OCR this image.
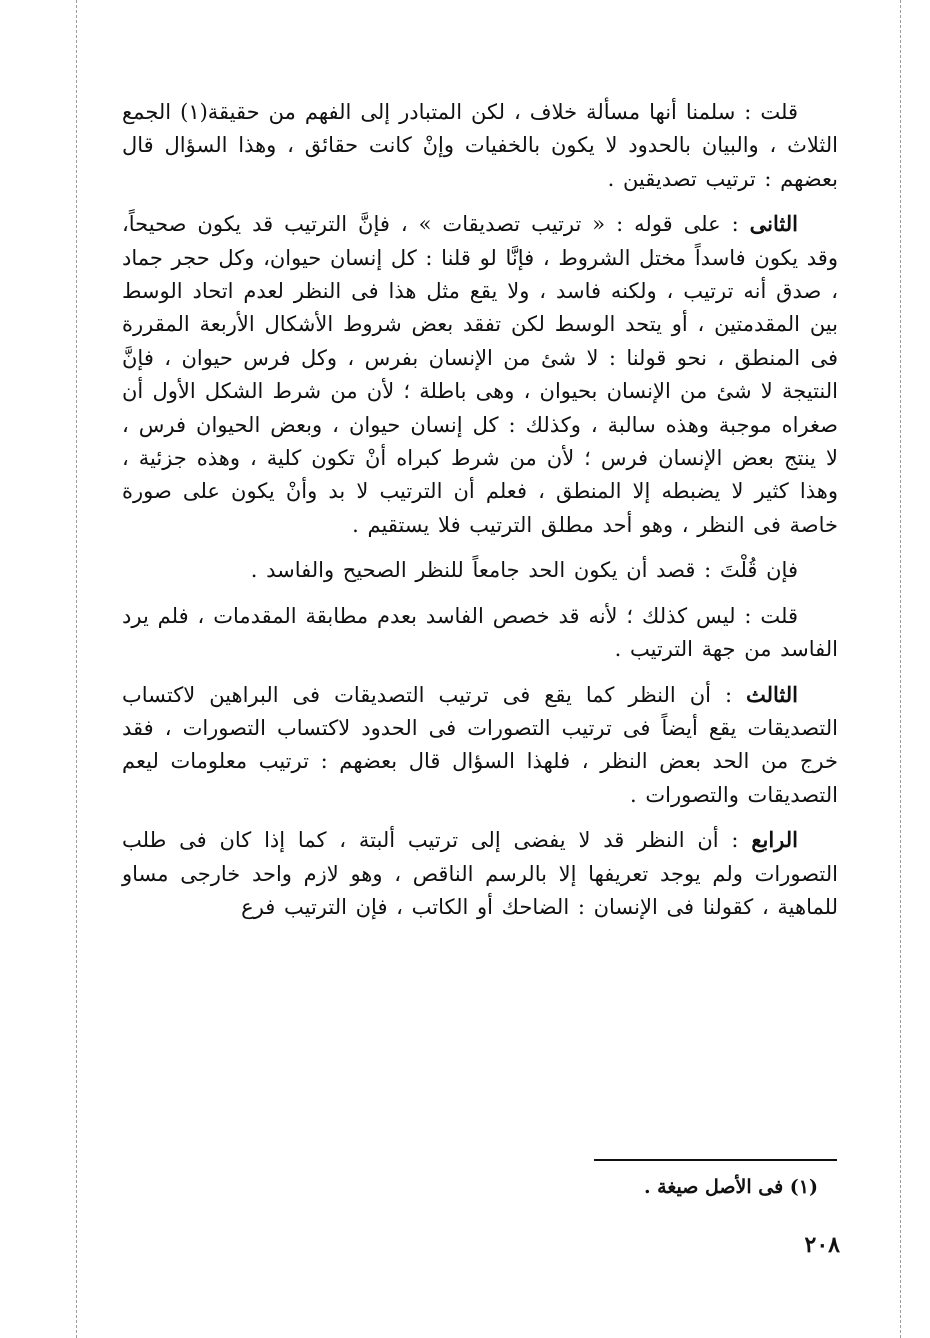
قلت : سلمنا أنها مسألة خلاف ، لكن المتبادر إلى الفهم من حقيقة(١) الجمع الثلاث ، والبيان بالحدود لا يكون بالخفيات وإنْ كانت حقائق ، وهذا السؤال قال بعضهم : ترتيب تصديقين .

الثانى : على قوله : « ترتيب تصديقات » ، فإنَّ الترتيب قد يكون صحيحاً، وقد يكون فاسداً مختل الشروط ، فإنَّا لو قلنا : كل إنسان حيوان، وكل حجر جماد ، صدق أنه ترتيب ، ولكنه فاسد ، ولا يقع مثل هذا فى النظر لعدم اتحاد الوسط بين المقدمتين ، أو يتحد الوسط لكن تفقد بعض شروط الأشكال الأربعة المقررة فى المنطق ، نحو قولنا : لا شئ من الإنسان بفرس ، وكل فرس حيوان ، فإنَّ النتيجة لا شئ من الإنسان بحيوان ، وهى باطلة ؛ لأن من شرط الشكل الأول أن صغراه موجبة وهذه سالبة ، وكذلك : كل إنسان حيوان ، وبعض الحيوان فرس ، لا ينتج بعض الإنسان فرس ؛ لأن من شرط كبراه أنْ تكون كلية ، وهذه جزئية ، وهذا كثير لا يضبطه إلا المنطق ، فعلم أن الترتيب لا بد وأنْ يكون على صورة خاصة فى النظر ، وهو أحد مطلق الترتيب فلا يستقيم .

فإن قُلْتَ : قصد أن يكون الحد جامعاً للنظر الصحيح والفاسد .

قلت : ليس كذلك ؛ لأنه قد خصص الفاسد بعدم مطابقة المقدمات ، فلم يرد الفاسد من جهة الترتيب .

الثالث : أن النظر كما يقع فى ترتيب التصديقات فى البراهين لاكتساب التصديقات يقع أيضاً فى ترتيب التصورات فى الحدود لاكتساب التصورات ، فقد خرج من الحد بعض النظر ، فلهذا السؤال قال بعضهم : ترتيب معلومات ليعم التصديقات والتصورات .

الرابع : أن النظر قد لا يفضى إلى ترتيب ألبتة ، كما إذا كان فى طلب التصورات ولم يوجد تعريفها إلا بالرسم الناقص ، وهو لازم واحد خارجى مساو للماهية ، كقولنا فى الإنسان : الضاحك أو الكاتب ، فإن الترتيب فرع

(١) فى الأصل صيغة .
٢٠٨
